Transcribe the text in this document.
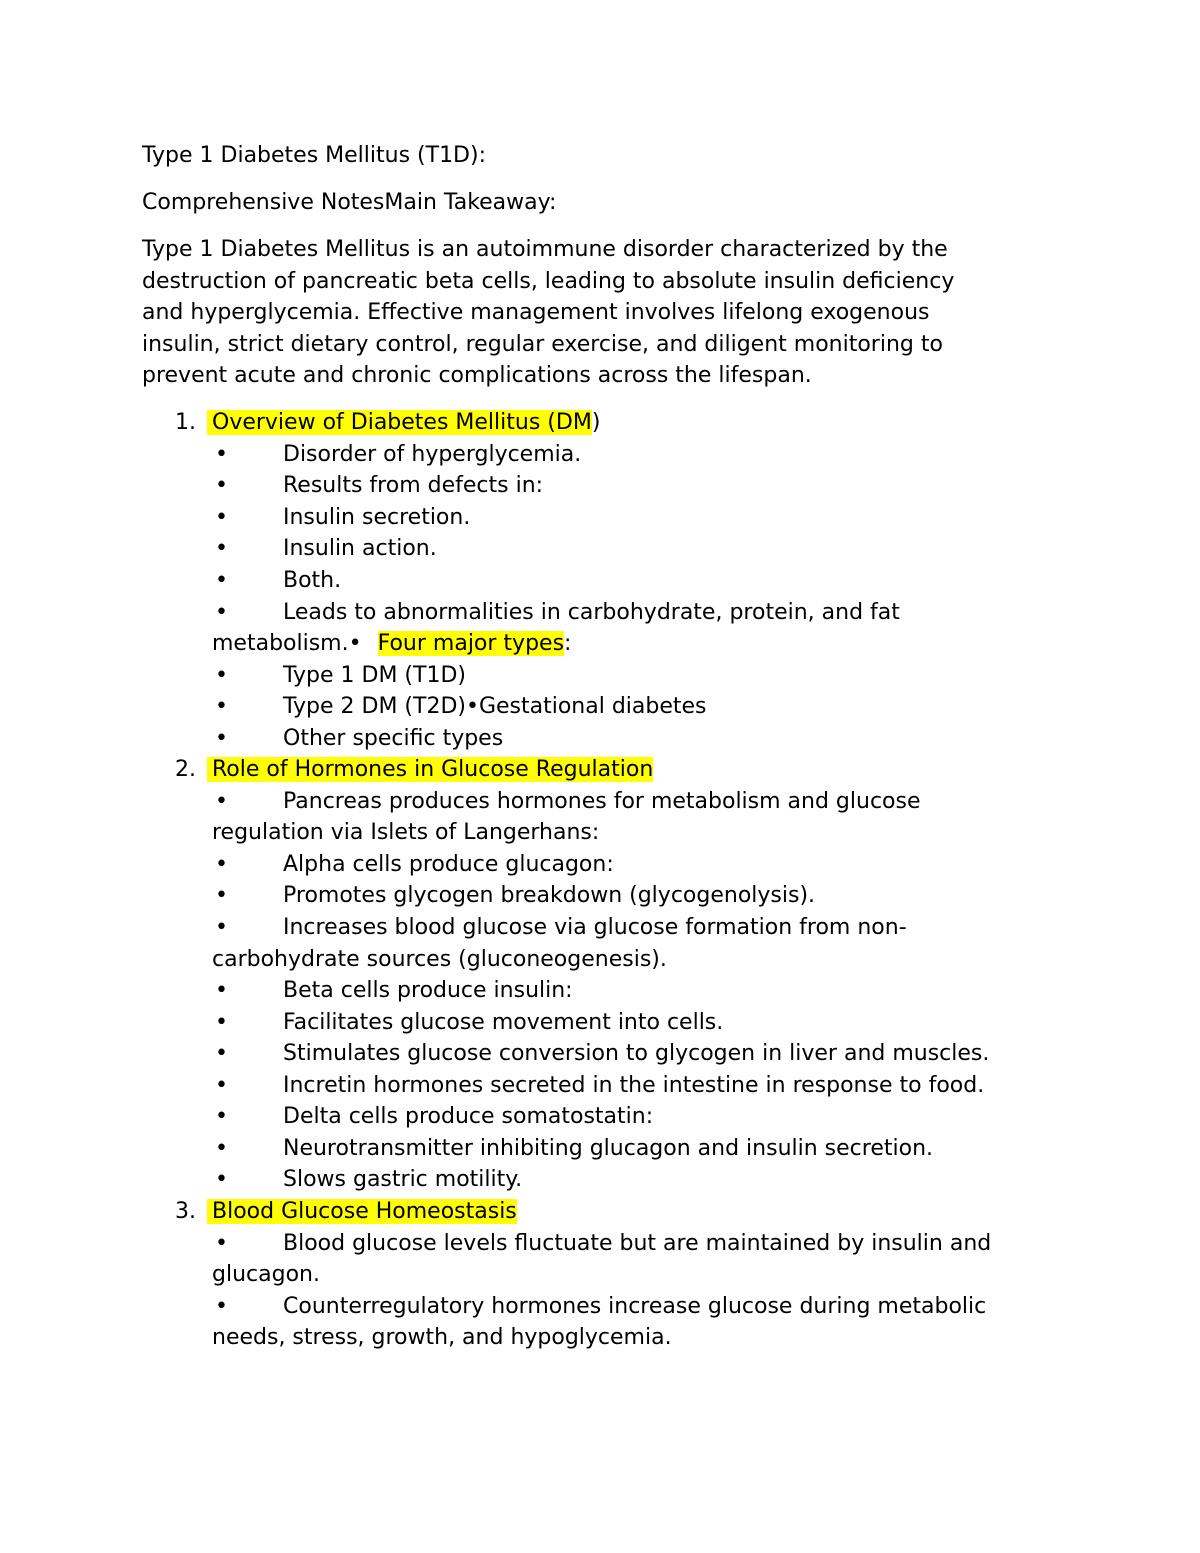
Type 1 Diabetes Mellitus (T1D):
Comprehensive NotesMain Takeaway:
Type 1 Diabetes Mellitus is an autoimmune disorder characterized by the
destruction of pancreatic beta cells, leading to absolute insulin deficiency
and hyperglycemia. Effective management involves lifelong exogenous
insulin, strict dietary control, regular exercise, and diligent monitoring to
prevent acute and chronic complications across the lifespan.
1. Overview of Diabetes Mellitus (DM)
•	Disorder of hyperglycemia.
•	Results from defects in:
•	Insulin secretion.
•	Insulin action.
•	Both.
•	Leads to abnormalities in carbohydrate, protein, and fat
metabolism.• Four major types:
•	Type 1 DM (T1D)
•	Type 2 DM (T2D)•Gestational diabetes
•	Other specific types
2. Role of Hormones in Glucose Regulation
•	Pancreas produces hormones for metabolism and glucose
regulation via Islets of Langerhans:
•	Alpha cells produce glucagon:
•	Promotes glycogen breakdown (glycogenolysis).
•	Increases blood glucose via glucose formation from non-
carbohydrate sources (gluconeogenesis).
•	Beta cells produce insulin:
•	Facilitates glucose movement into cells.
•	Stimulates glucose conversion to glycogen in liver and muscles.
•	Incretin hormones secreted in the intestine in response to food.
•	Delta cells produce somatostatin:
•	Neurotransmitter inhibiting glucagon and insulin secretion.
•	Slows gastric motility.
3. Blood Glucose Homeostasis
•	Blood glucose levels fluctuate but are maintained by insulin and
glucagon.
•	Counterregulatory hormones increase glucose during metabolic
needs, stress, growth, and hypoglycemia.
